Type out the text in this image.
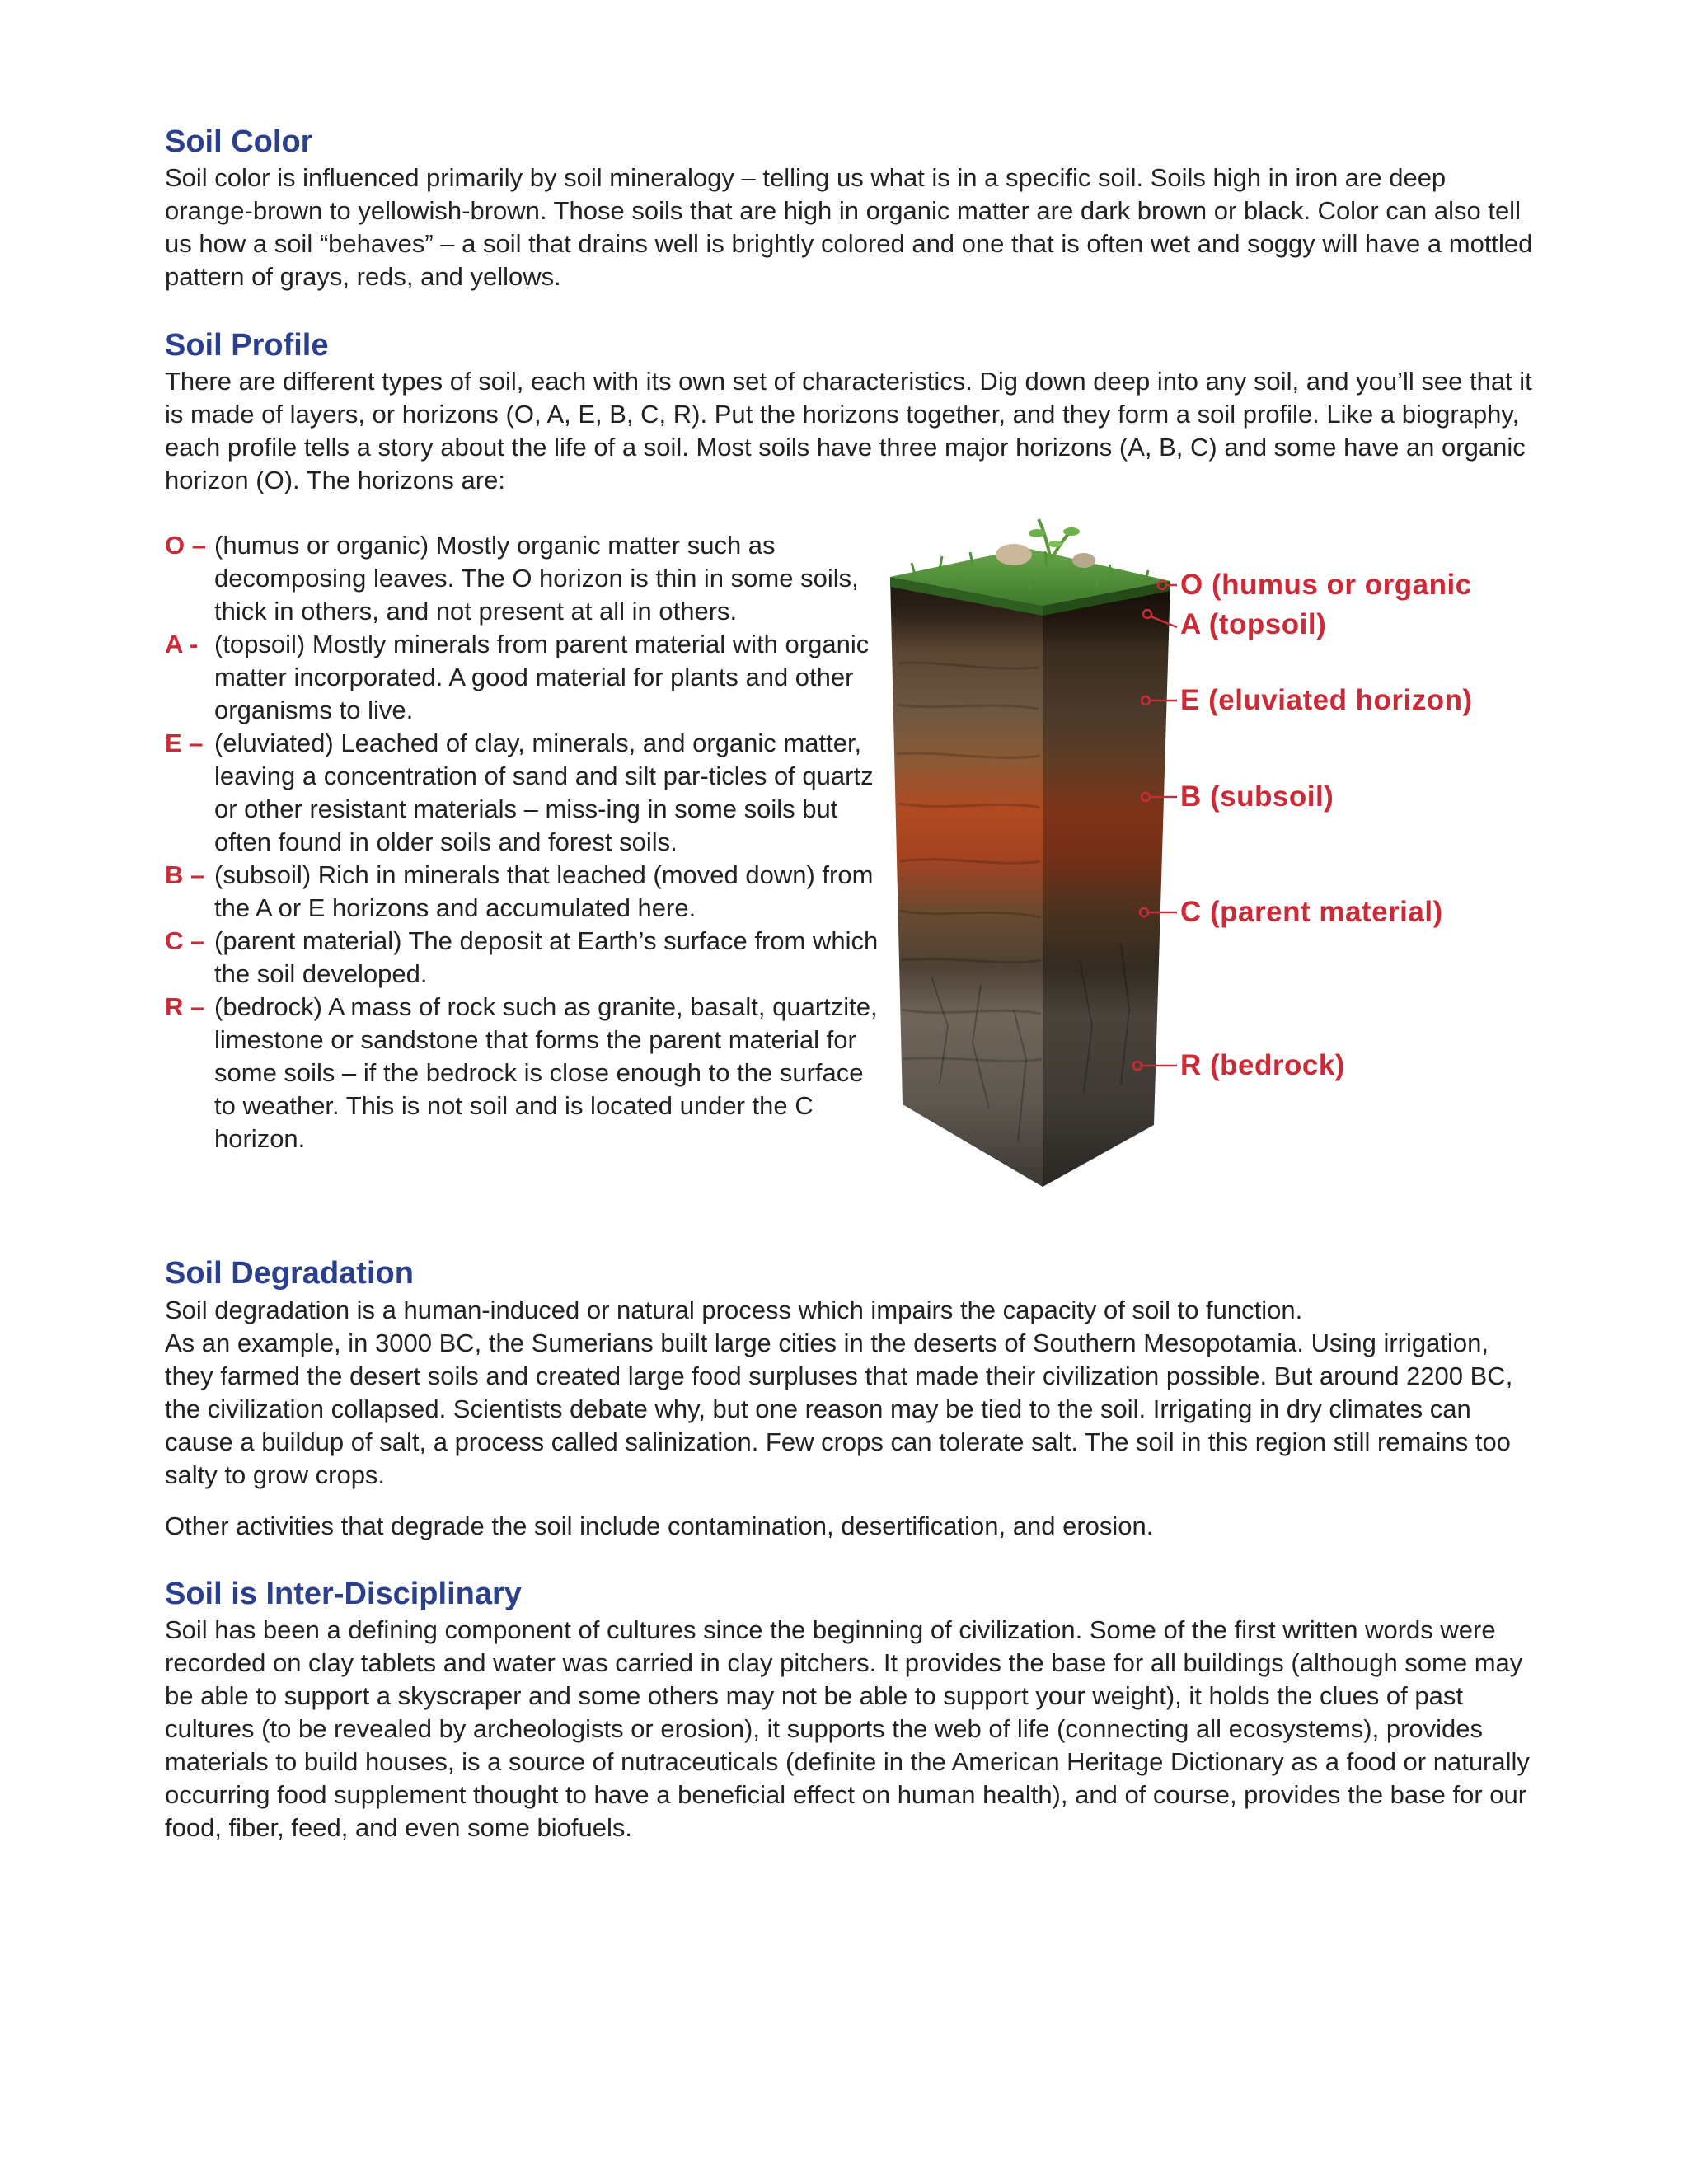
Soil Color

Soil color is influenced primarily by soil mineralogy – telling us what is in a specific soil. Soils high in iron are deep orange-brown to yellowish-brown. Those soils that are high in organic matter are dark brown or black. Color can also tell us how a soil “behaves” – a soil that drains well is brightly colored and one that is often wet and soggy will have a mottled pattern of grays, reds, and yellows.

Soil Profile

There are different types of soil, each with its own set of characteristics. Dig down deep into any soil, and you’ll see that it is made of layers, or horizons (O, A, E, B, C, R). Put the horizons together, and they form a soil profile. Like a biography, each profile tells a story about the life of a soil. Most soils have three major horizons (A, B, C) and some have an organic horizon (O). The horizons are:

O – (humus or organic) Mostly organic matter such as decomposing leaves. The O horizon is thin in some soils, thick in others, and not present at all in others.
A - (topsoil) Mostly minerals from parent material with organic matter incorporated. A good material for plants and other organisms to live.
E – (eluviated) Leached of clay, minerals, and organic matter, leaving a concentration of sand and silt par-ticles of quartz or other resistant materials – miss-ing in some soils but often found in older soils and forest soils.
B – (subsoil) Rich in minerals that leached (moved down) from the A or E horizons and accumulated here.
C – (parent material) The deposit at Earth’s surface from which the soil developed.
R – (bedrock) A mass of rock such as granite, basalt, quartzite, limestone or sandstone that forms the parent material for some soils – if the bedrock is close enough to the surface to weather. This is not soil and is located under the C horizon.
O (humus or organic
A (topsoil)
E (eluviated horizon)
B (subsoil)
C (parent material)
R (bedrock)
Soil Degradation

Soil degradation is a human-induced or natural process which impairs the capacity of soil to function.

As an example, in 3000 BC, the Sumerians built large cities in the deserts of Southern Mesopotamia. Using irrigation, they farmed the desert soils and created large food surpluses that made their civilization possible. But around 2200 BC, the civilization collapsed. Scientists debate why, but one reason may be tied to the soil. Irrigating in dry climates can cause a buildup of salt, a process called salinization. Few crops can tolerate salt. The soil in this region still remains too salty to grow crops.

Other activities that degrade the soil include contamination, desertification, and erosion.

Soil is Inter-Disciplinary

Soil has been a defining component of cultures since the beginning of civilization. Some of the first written words were recorded on clay tablets and water was carried in clay pitchers. It provides the base for all buildings (although some may be able to support a skyscraper and some others may not be able to support your weight), it holds the clues of past cultures (to be revealed by archeologists or erosion), it supports the web of life (connecting all ecosystems), provides materials to build houses, is a source of nutraceuticals (definite in the American Heritage Dictionary as a food or naturally occurring food supplement thought to have a beneficial effect on human health), and of course, provides the base for our food, fiber, feed, and even some biofuels.
